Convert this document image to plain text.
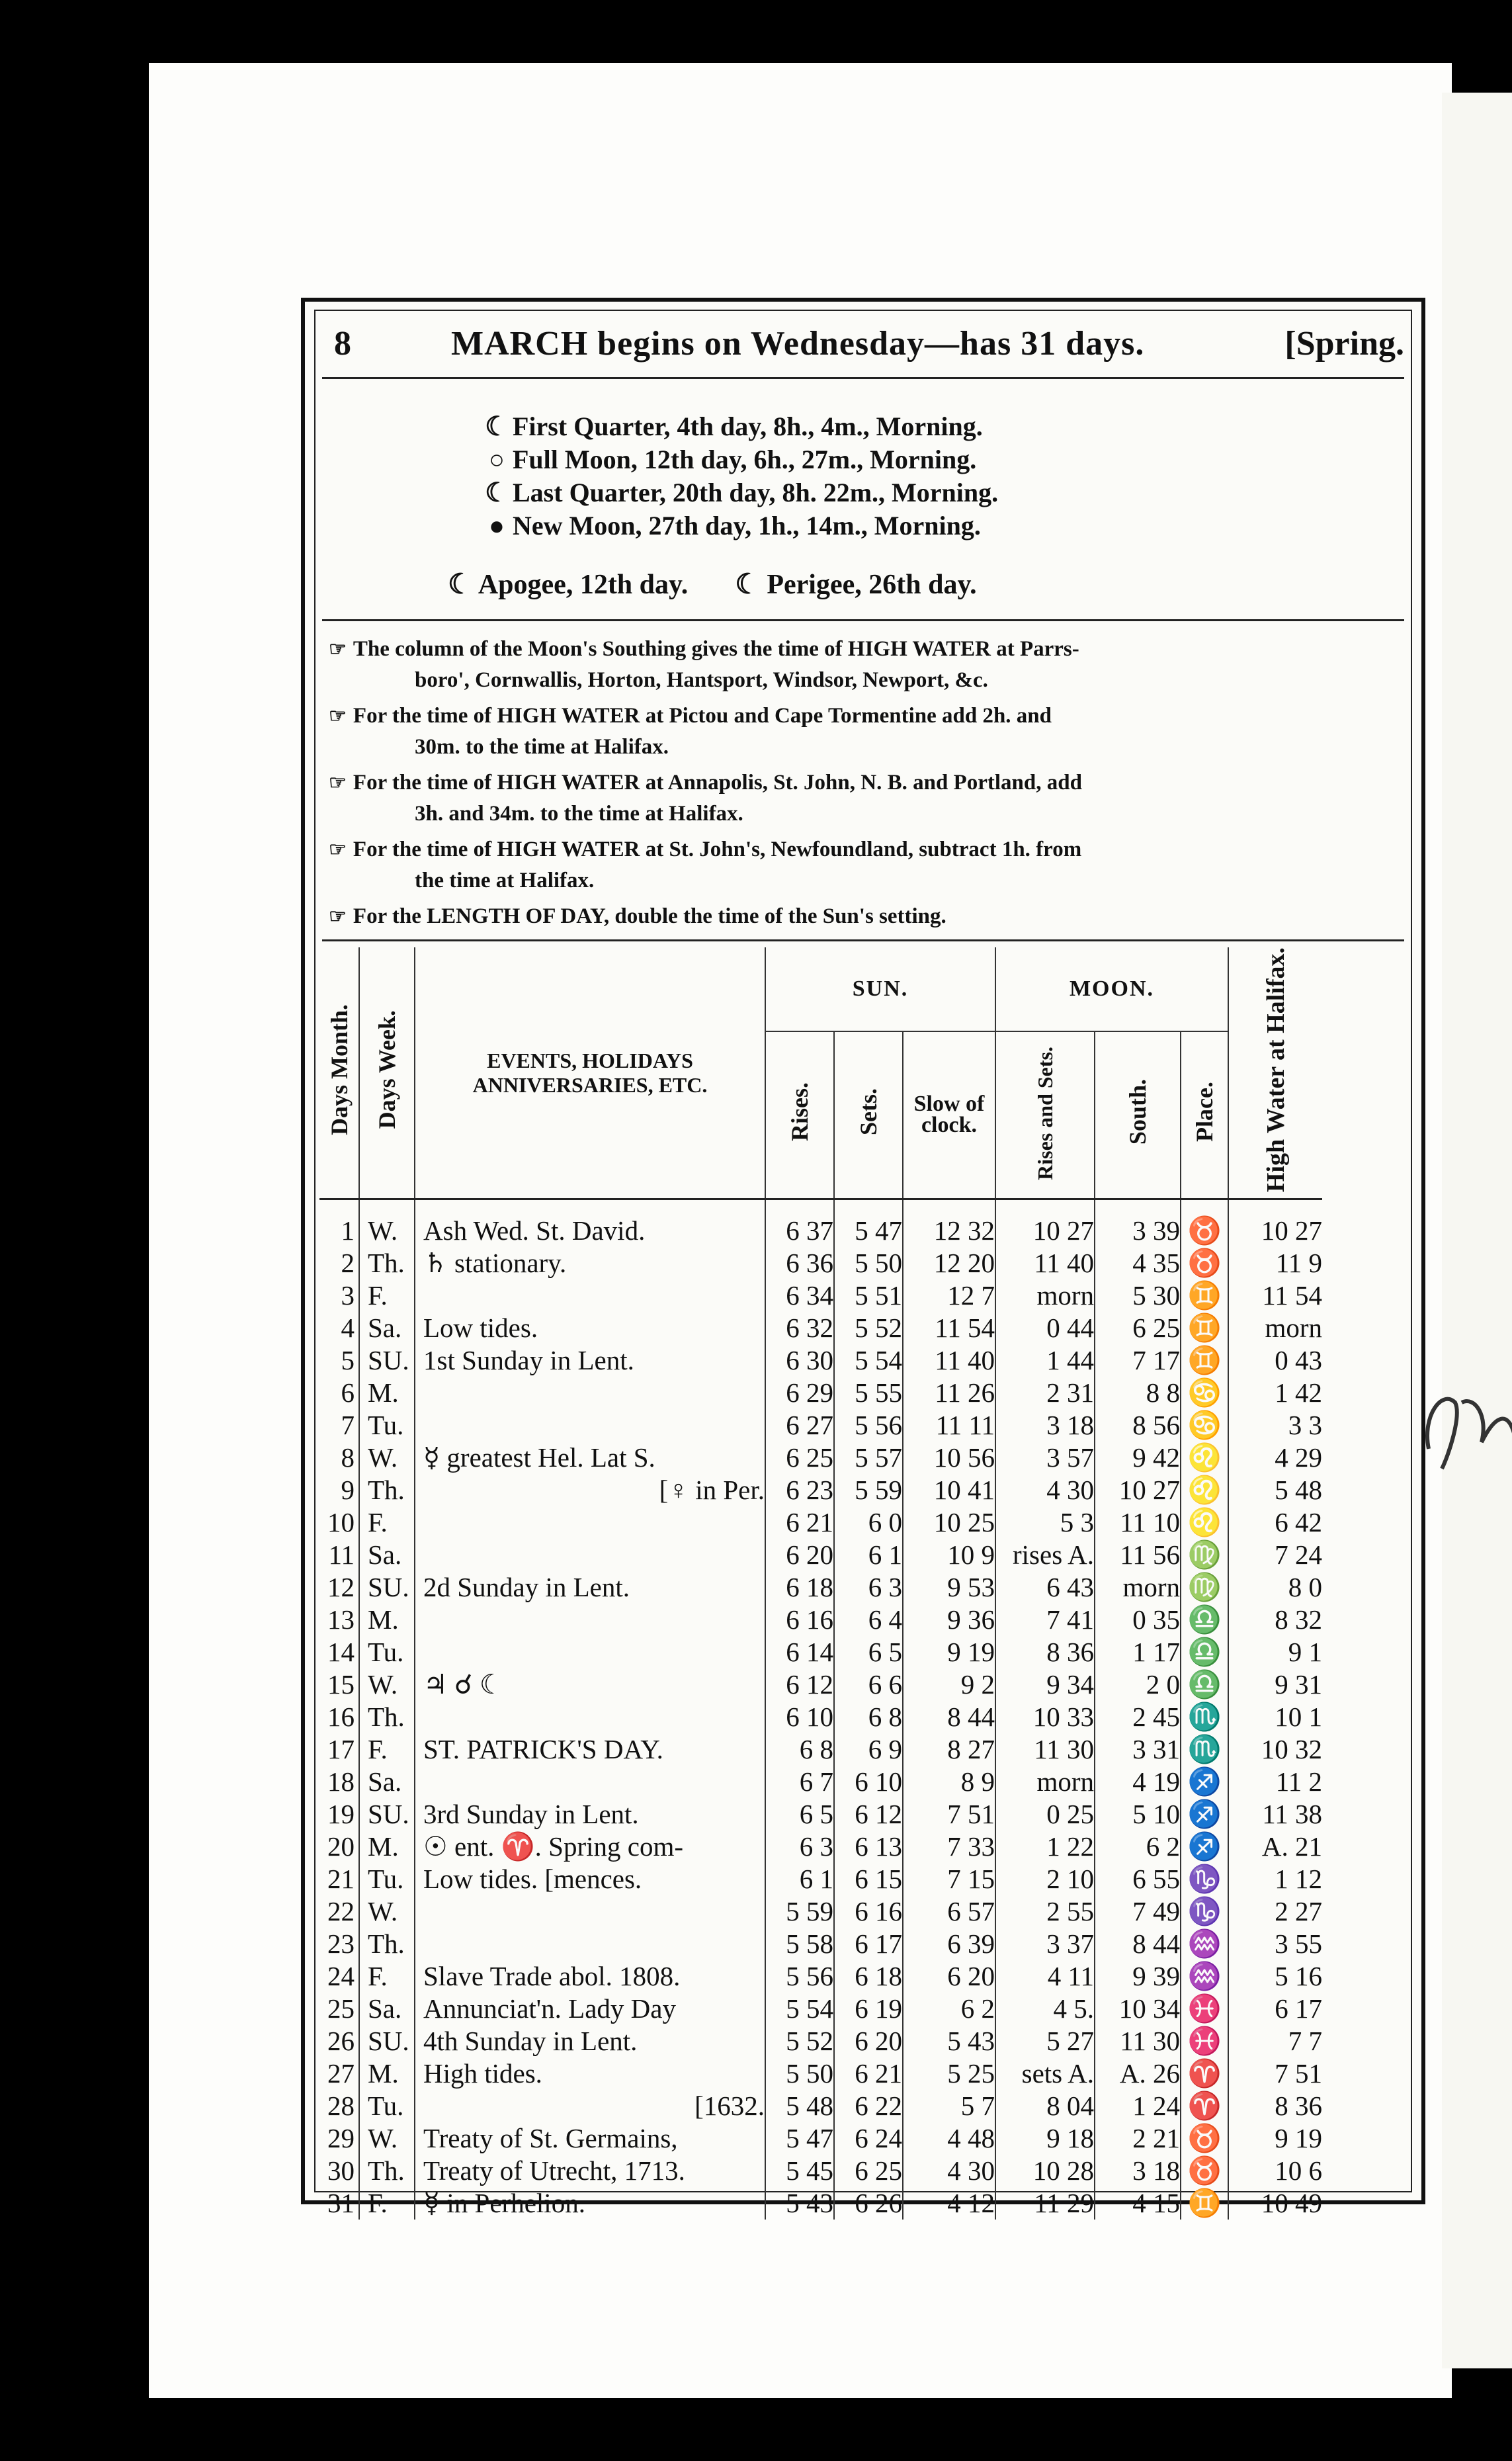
8	MARCH begins on Wednesday—has 31 days.	[Spring.
☾ First Quarter, 4th day, 8h., 4m., Morning.
○ Full Moon, 12th day, 6h., 27m., Morning.
☾ Last Quarter, 20th day, 8h. 22m., Morning.
● New Moon, 27th day, 1h., 14m., Morning.
☾ Apogee, 12th day. ☾ Perigee, 26th day.

☞ The column of the Moon's Southing gives the time of HIGH WATER at Parrs-
boro', Cornwallis, Horton, Hantsport, Windsor, Newport, &c.

☞ For the time of HIGH WATER at Pictou and Cape Tormentine add 2h. and
30m. to the time at Halifax.

☞ For the time of HIGH WATER at Annapolis, St. John, N. B. and Portland, add
3h. and 34m. to the time at Halifax.

☞ For the time of HIGH WATER at St. John's, Newfoundland, subtract 1h. from
the time at Halifax.

☞ For the LENGTH OF DAY, double the time of the Sun's setting.

Days Month.	Days Week.	EVENTS, HOLIDAYS
ANNIVERSARIES, ETC.	SUN.			MOON.			High Water at Halifax.
			Rises.	Sets.	Slow of clock.	Rises and Sets.	South.	Place.	

1	W.	Ash Wed. St. David.	6 37	5 47	12 32	10 27	3 39	♉	10 27
2	Th.	♄ stationary.	6 36	5 50	12 20	11 40	4 35	♉	11 9
3	F.		6 34	5 51	12 7	morn	5 30	♊	11 54
4	Sa.	Low tides.	6 32	5 52	11 54	0 44	6 25	♊	morn
5	SU.	1st Sunday in Lent.	6 30	5 54	11 40	1 44	7 17	♊	0 43
6	M.		6 29	5 55	11 26	2 31	8 8	♋	1 42
7	Tu.		6 27	5 56	11 11	3 18	8 56	♋	3 3
8	W.	☿ greatest Hel. Lat S.	6 25	5 57	10 56	3 57	9 42	♌	4 29
9	Th.	[♀ in Per.	6 23	5 59	10 41	4 30	10 27	♌	5 48
10	F.		6 21	6 0	10 25	5 3	11 10	♌	6 42
11	Sa.		6 20	6 1	10 9	rises A.	11 56	♍	7 24
12	SU.	2d Sunday in Lent.	6 18	6 3	9 53	6 43	morn	♍	8 0
13	M.		6 16	6 4	9 36	7 41	0 35	♎	8 32
14	Tu.		6 14	6 5	9 19	8 36	1 17	♎	9 1
15	W.	♃ ☌ ☾	6 12	6 6	9 2	9 34	2 0	♎	9 31
16	Th.		6 10	6 8	8 44	10 33	2 45	♏	10 1
17	F.	ST. PATRICK'S DAY.	6 8	6 9	8 27	11 30	3 31	♏	10 32
18	Sa.		6 7	6 10	8 9	morn	4 19	♐	11 2
19	SU.	3rd Sunday in Lent.	6 5	6 12	7 51	0 25	5 10	♐	11 38
20	M.	☉ ent. ♈. Spring com-	6 3	6 13	7 33	1 22	6 2	♐	A. 21
21	Tu.	Low tides. [mences.	6 1	6 15	7 15	2 10	6 55	♑	1 12
22	W.		5 59	6 16	6 57	2 55	7 49	♑	2 27
23	Th.		5 58	6 17	6 39	3 37	8 44	♒	3 55
24	F.	Slave Trade abol. 1808.	5 56	6 18	6 20	4 11	9 39	♒	5 16
25	Sa.	Annunciat'n. Lady Day	5 54	6 19	6 2	4 5.	10 34	♓	6 17
26	SU.	4th Sunday in Lent.	5 52	6 20	5 43	5 27	11 30	♓	7 7
27	M.	High tides.	5 50	6 21	5 25	sets A.	A. 26	♈	7 51
28	Tu.	[1632.	5 48	6 22	5 7	8 04	1 24	♈	8 36
29	W.	Treaty of St. Germains,	5 47	6 24	4 48	9 18	2 21	♉	9 19
30	Th.	Treaty of Utrecht, 1713.	5 45	6 25	4 30	10 28	3 18	♉	10 6
31	F.	☿ in Perhelion.	5 43	6 26	4 12	11 29	4 15	♊	10 49
